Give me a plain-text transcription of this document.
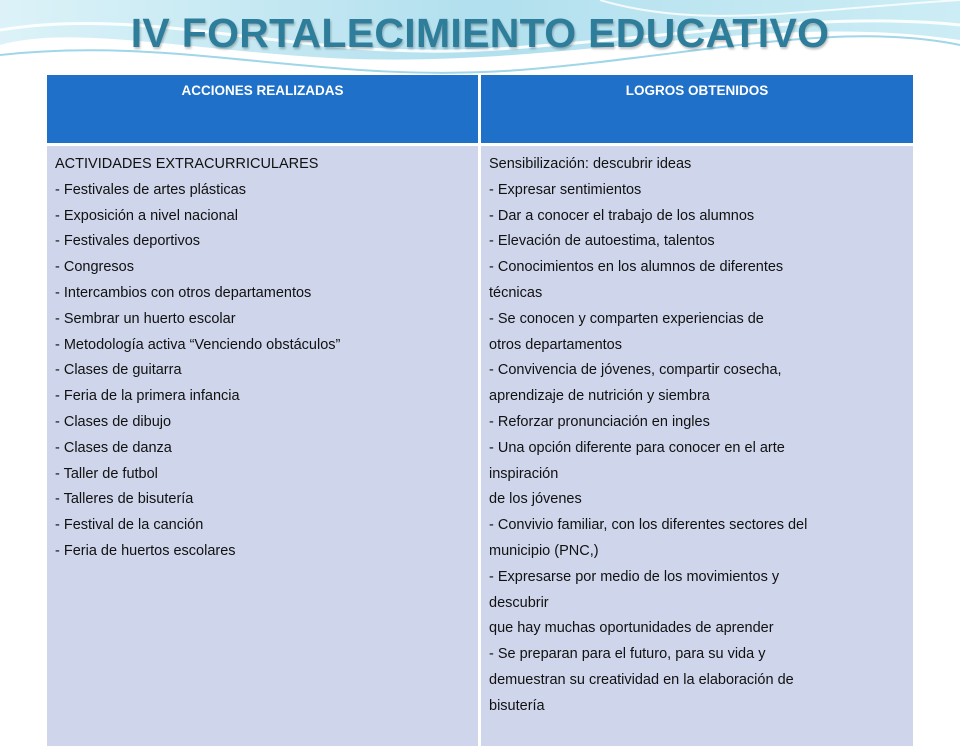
IV FORTALECIMIENTO EDUCATIVO
ACCIONES REALIZADAS	LOGROS OBTENIDOS

ACTIVIDADES EXTRACURRICULARES

- Festivales de artes plásticas

- Exposición a nivel nacional

- Festivales deportivos

- Congresos

- Intercambios con otros departamentos

- Sembrar un huerto escolar

- Metodología activa “Venciendo obstáculos”

- Clases de guitarra

- Feria de la primera infancia

- Clases de dibujo

- Clases de danza

- Taller de futbol

- Talleres de bisutería

- Festival de la canción

- Feria de huertos escolares

Sensibilización: descubrir ideas

- Expresar sentimientos

- Dar a conocer el trabajo de los alumnos

- Elevación de autoestima, talentos

- Conocimientos en los alumnos de diferentes

técnicas

- Se conocen y comparten experiencias de

otros departamentos

- Convivencia de jóvenes, compartir cosecha,

aprendizaje de nutrición y siembra

- Reforzar pronunciación en ingles

- Una opción diferente para conocer en el arte

inspiración

de los jóvenes

- Convivio familiar, con los diferentes sectores del

municipio (PNC,)

- Expresarse por medio de los movimientos y

descubrir

que hay muchas oportunidades de aprender

- Se preparan para el futuro, para su vida y

demuestran su creatividad en la elaboración de

bisutería
